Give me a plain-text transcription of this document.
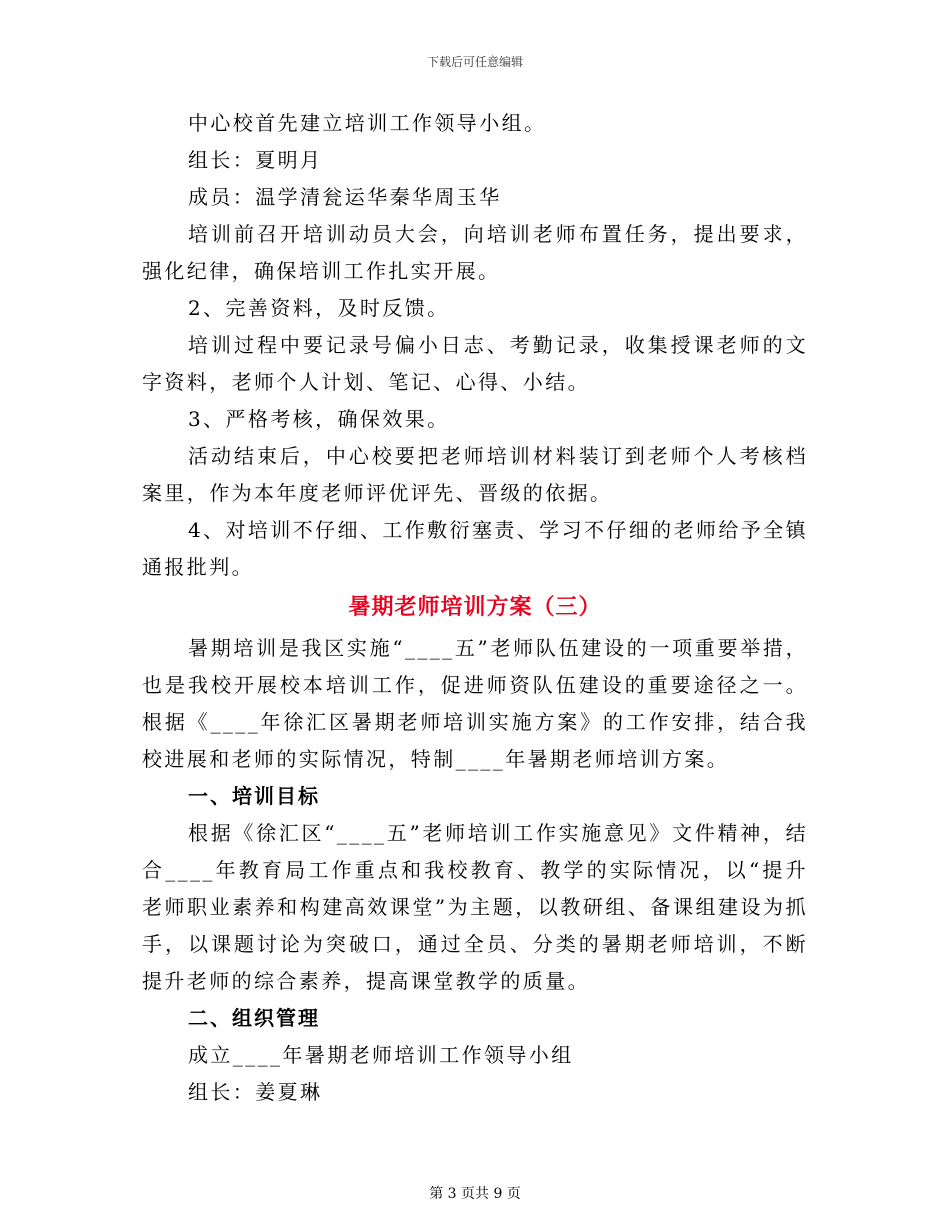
下载后可任意编辑

中心校首先建立培训工作领导小组。

组长：夏明月

成员：温学清瓮运华秦华周玉华

培训前召开培训动员大会，向培训老师布置任务，提出要求，强化纪律，确保培训工作扎实开展。

2、完善资料，及时反馈。

培训过程中要记录号偏小日志、考勤记录，收集授课老师的文字资料，老师个人计划、笔记、心得、小结。

3、严格考核，确保效果。

活动结束后，中心校要把老师培训材料装订到老师个人考核档案里，作为本年度老师评优评先、晋级的依据。

4、对培训不仔细、工作敷衍塞责、学习不仔细的老师给予全镇通报批判。

暑期老师培训方案（三）

暑期培训是我区实施“____五”老师队伍建设的一项重要举措，也是我校开展校本培训工作，促进师资队伍建设的重要途径之一。根据《____年徐汇区暑期老师培训实施方案》的工作安排，结合我校进展和老师的实际情况，特制____年暑期老师培训方案。

一、培训目标

根据《徐汇区“____五”老师培训工作实施意见》文件精神，结合____年教育局工作重点和我校教育、教学的实际情况，以“提升老师职业素养和构建高效课堂”为主题，以教研组、备课组建设为抓手，以课题讨论为突破口，通过全员、分类的暑期老师培训，不断提升老师的综合素养，提高课堂教学的质量。

二、组织管理

成立____年暑期老师培训工作领导小组

组长：姜夏琳

第 3 页共 9 页
